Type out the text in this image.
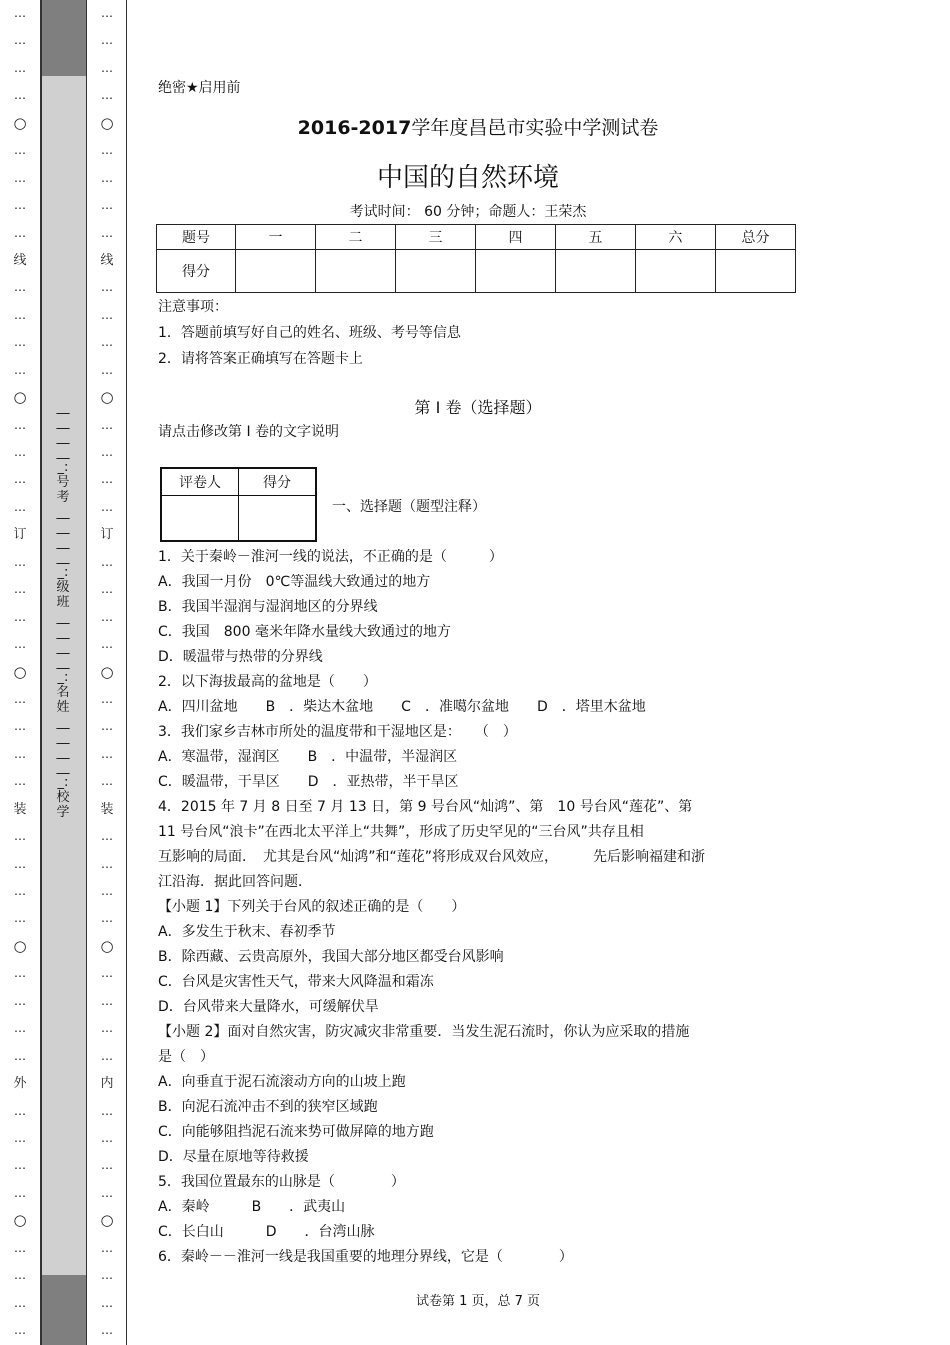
…
…
…
…
○
…
…
…
…
线
…
…
…
…
○
…
…
…
…
订
…
…
…
…
○
…
…
…
…
装
…
…
…
…
○
…
…
…
…
外
…
…
…
…
○
…
…
…
…
_________:号考_________:级班_________:名姓_________:校学
…
…
…
…
○
…
…
…
…
线
…
…
…
…
○
…
…
…
…
订
…
…
…
…
○
…
…
…
…
装
…
…
…
…
○
…
…
…
…
内
…
…
…
…
○
…
…
…
…
绝密★启用前
2016-2017学年度昌邑市实验中学测试卷
中国的自然环境
考试时间： 60 分钟；命题人：王荣杰
题号	一	二	三	四	五	六	总分
得分							
注意事项：
1．答题前填写好自己的姓名、班级、考号等信息
2．请将答案正确填写在答题卡上
第 I 卷（选择题）
请点击修改第 I 卷的文字说明
评卷人	得分

一、选择题（题型注释）
1．关于秦岭－淮河一线的说法，不正确的是（　　　）
A．我国一月份　0℃等温线大致通过的地方
B．我国半湿润与湿润地区的分界线
C．我国　800 毫米年降水量线大致通过的地方
D．暖温带与热带的分界线
2．以下海拔最高的盆地是（　　）
A．四川盆地　　B　．柴达木盆地　　C　．准噶尔盆地　　D　．塔里木盆地
3．我们家乡吉林市所处的温度带和干湿地区是：　　（　）
A．寒温带，湿润区　　B　．中温带，半湿润区
C．暖温带，干旱区　　D　．亚热带，半干旱区
4．2015 年 7 月 8 日至 7 月 13 日，第 9 号台风“灿鸿”、第　10 号台风“莲花”、第
11 号台风“浪卡”在西北太平洋上“共舞”，形成了历史罕见的“三台风”共存且相
互影响的局面．　尤其是台风“灿鸿”和“莲花”将形成双台风效应，　　　先后影响福建和浙
江沿海．据此回答问题．
【小题 1】下列关于台风的叙述正确的是（　　）
A．多发生于秋末、春初季节
B．除西藏、云贵高原外，我国大部分地区都受台风影响
C．台风是灾害性天气，带来大风降温和霜冻
D．台风带来大量降水，可缓解伏旱
【小题 2】面对自然灾害，防灾减灾非常重要．当发生泥石流时，你认为应采取的措施
是（　）
A．向垂直于泥石流滚动方向的山坡上跑
B．向泥石流冲击不到的狭窄区域跑
C．向能够阻挡泥石流来势可做屏障的地方跑
D．尽量在原地等待救援
5．我国位置最东的山脉是（　　　　）
A．秦岭　　　B　　．武夷山
C．长白山　　　D　　．台湾山脉
6．秦岭－－淮河一线是我国重要的地理分界线，它是（　　　　）
试卷第 1 页，总 7 页
